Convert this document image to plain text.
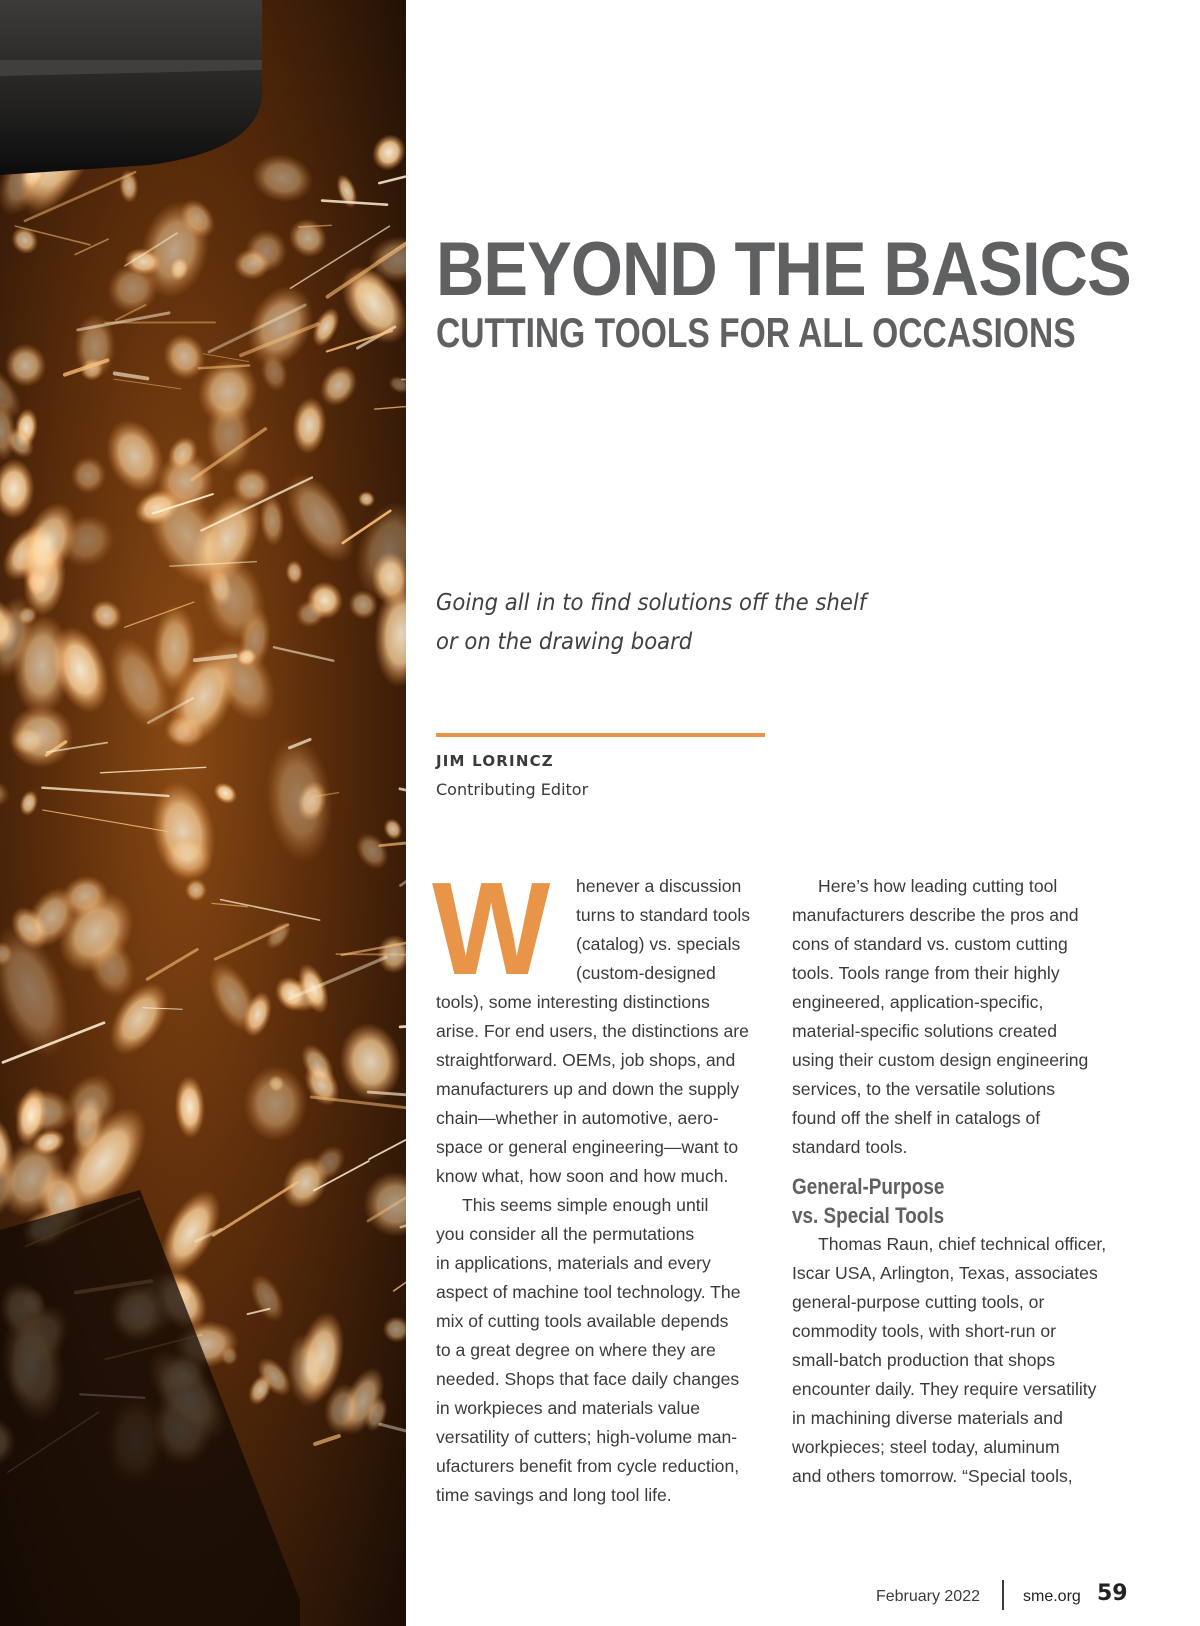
BEYOND THE BASICS
CUTTING TOOLS FOR ALL OCCASIONS
Going all in to find solutions off the shelf
or on the drawing board
JIM LORINCZ
Contributing Editor
W	henever a discussion
turns to standard tools
(catalog) vs. specials
(custom-designed
tools), some interesting distinctions
arise. For end users, the distinctions are
straightforward. OEMs, job shops, and
manufacturers up and down the supply
chain—whether in automotive, aero-
space or general engineering—want to
know what, how soon and how much.
This seems simple enough until
you consider all the permutations
in applications, materials and every
aspect of machine tool technology. The
mix of cutting tools available depends
to a great degree on where they are
needed. Shops that face daily changes
in workpieces and materials value
versatility of cutters; high-volume man-
ufacturers benefit from cycle reduction,
time savings and long tool life.
Here’s how leading cutting tool
manufacturers describe the pros and
cons of standard vs. custom cutting
tools. Tools range from their highly
engineered, application-specific,
material-specific solutions created
using their custom design engineering
services, to the versatile solutions
found off the shelf in catalogs of
standard tools.
General-Purpose
vs. Special Tools
Thomas Raun, chief technical officer,
Iscar USA, Arlington, Texas, associates
general-purpose cutting tools, or
commodity tools, with short-run or
small-batch production that shops
encounter daily. They require versatility
in machining diverse materials and
workpieces; steel today, aluminum
and others tomorrow. “Special tools,
February 2022	sme.org 59
